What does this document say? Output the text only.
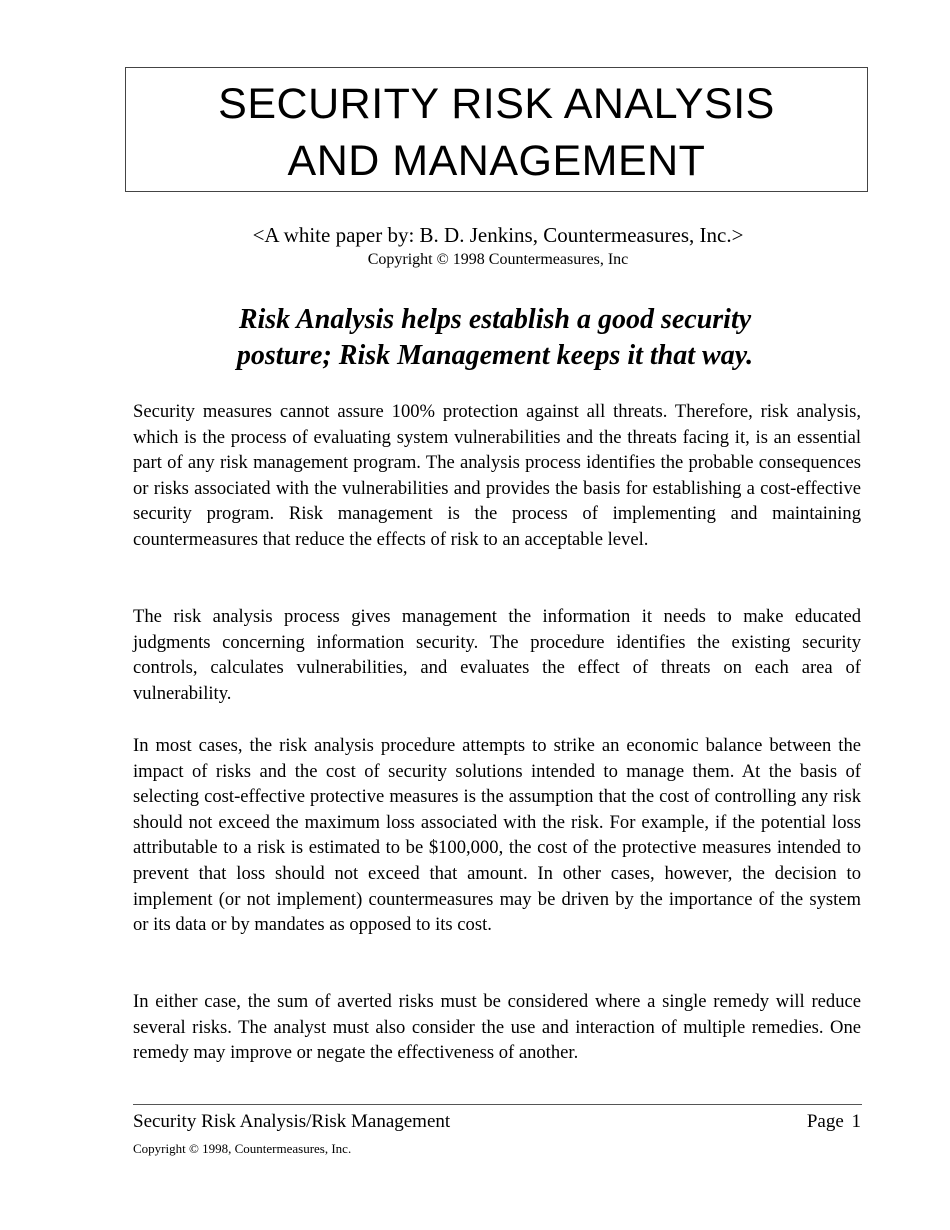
SECURITY RISK ANALYSIS
AND MANAGEMENT
<A white paper by: B. D. Jenkins, Countermeasures, Inc.>
Copyright © 1998 Countermeasures, Inc
Risk Analysis helps establish a good security
posture; Risk Management keeps it that way.

Security measures cannot assure 100% protection against all threats. Therefore, risk analysis, which is the process of evaluating system vulnerabilities and the threats facing it, is an essential part of any risk management program. The analysis process identifies the probable consequences or risks associated with the vulnerabilities and provides the basis for establishing a cost-effective security program. Risk management is the process of implementing and maintaining countermeasures that reduce the effects of risk to an acceptable level.

The risk analysis process gives management the information it needs to make educated judgments concerning information security. The procedure identifies the existing security controls, calculates vulnerabilities, and evaluates the effect of threats on each area of vulnerability.

In most cases, the risk analysis procedure attempts to strike an economic balance between the impact of risks and the cost of security solutions intended to manage them. At the basis of selecting cost-effective protective measures is the assumption that the cost of controlling any risk should not exceed the maximum loss associated with the risk. For example, if the potential loss attributable to a risk is estimated to be $100,000, the cost of the protective measures intended to prevent that loss should not exceed that amount. In other cases, however, the decision to implement (or not implement) countermeasures may be driven by the importance of the system or its data or by mandates as opposed to its cost.

In either case, the sum of averted risks must be considered where a single remedy will reduce several risks. The analyst must also consider the use and interaction of multiple remedies. One remedy may improve or negate the effectiveness of another.

Security Risk Analysis/Risk Management	Page 1
Copyright © 1998, Countermeasures, Inc.
